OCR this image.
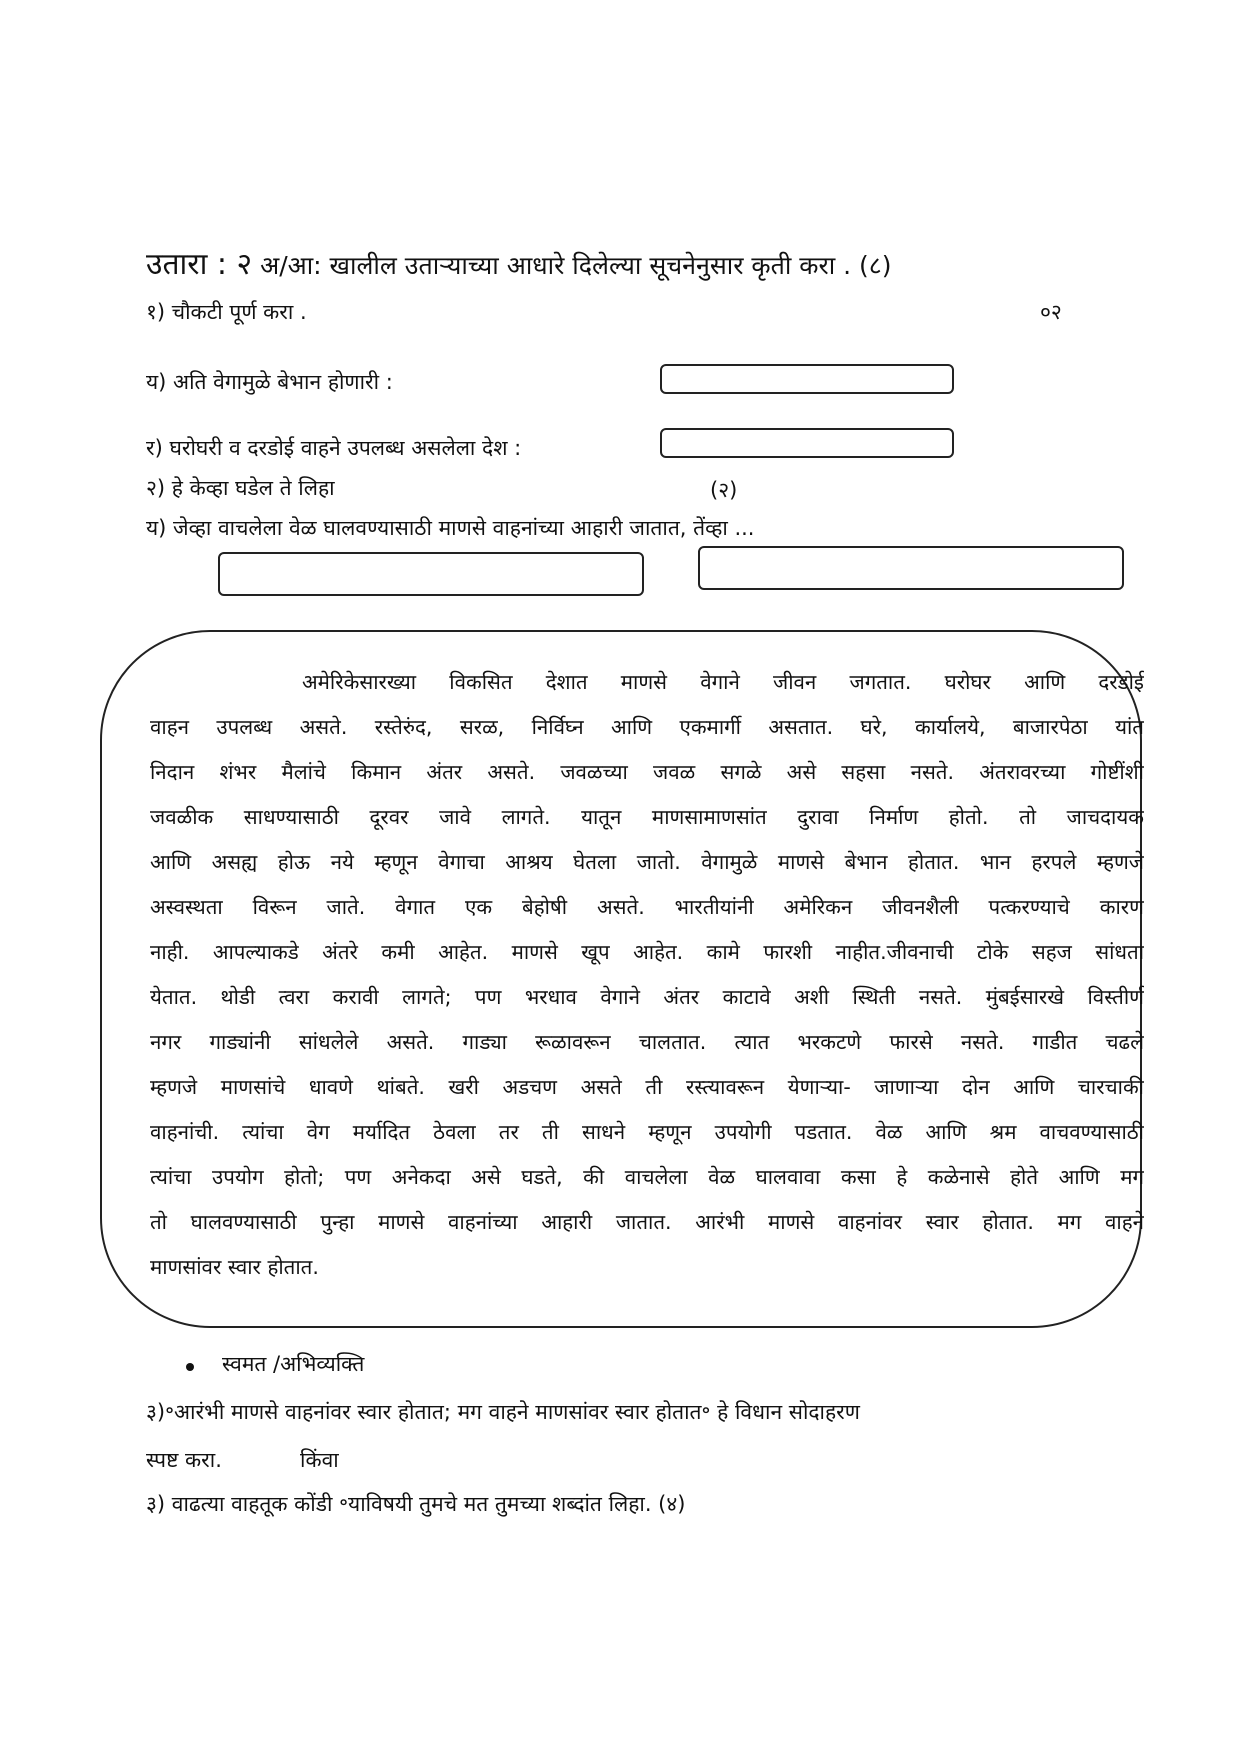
उतारा : २ अ/आ: खालील उताऱ्याच्या आधारे दिलेल्या सूचनेनुसार कृती करा . (८)
१) चौकटी पूर्ण करा .	०२
य) अति वेगामुळे बेभान होणारी :
र) घरोघरी व दरडोई वाहने उपलब्ध असलेला देश :
२) हे केव्हा घडेल ते लिहा	(२)
य) जेव्हा वाचलेला वेळ घालवण्यासाठी माणसे वाहनांच्या आहारी जातात, तेंव्हा ...
अमेरिकेसारख्या विकसित देशात माणसे वेगाने जीवन जगतात. घरोघर आणि दरडोई
वाहन उपलब्ध असते. रस्तेरुंद, सरळ, निर्विघ्न आणि एकमार्गी असतात. घरे, कार्यालये, बाजारपेठा यांत
निदान शंभर मैलांचे किमान अंतर असते. जवळच्या जवळ सगळे असे सहसा नसते. अंतरावरच्या गोष्टींशी
जवळीक साधण्यासाठी दूरवर जावे लागते. यातून माणसामाणसांत दुरावा निर्माण होतो. तो जाचदायक
आणि असह्य होऊ नये म्हणून वेगाचा आश्रय घेतला जातो. वेगामुळे माणसे बेभान होतात. भान हरपले म्हणजे
अस्वस्थता विरून जाते. वेगात एक बेहोषी असते. भारतीयांनी अमेरिकन जीवनशैली पत्करण्याचे कारण
नाही. आपल्याकडे अंतरे कमी आहेत. माणसे खूप आहेत. कामे फारशी नाहीत.जीवनाची टोके सहज सांधता
येतात. थोडी त्वरा करावी लागते; पण भरधाव वेगाने अंतर काटावे अशी स्थिती नसते. मुंबईसारखे विस्तीर्ण
नगर गाड्यांनी सांधलेले असते. गाड्या रूळावरून चालतात. त्यात भरकटणे फारसे नसते. गाडीत चढले
म्हणजे माणसांचे धावणे थांबते. खरी अडचण असते ती रस्त्यावरून येणाऱ्या- जाणाऱ्या दोन आणि चारचाकी
वाहनांची. त्यांचा वेग मर्यादित ठेवला तर ती साधने म्हणून उपयोगी पडतात. वेळ आणि श्रम वाचवण्यासाठी
त्यांचा उपयोग होतो; पण अनेकदा असे घडते, की वाचलेला वेळ घालवावा कसा हे कळेनासे होते आणि मग
तो घालवण्यासाठी पुन्हा माणसे वाहनांच्या आहारी जातात. आरंभी माणसे वाहनांवर स्वार होतात. मग वाहने
माणसांवर स्वार होतात.
स्वमत /अभिव्यक्ति
३)॰आरंभी माणसे वाहनांवर स्वार होतात; मग वाहने माणसांवर स्वार होतात॰ हे विधान सोदाहरण
स्पष्ट करा.	किंवा
३) वाढत्या वाहतूक कोंडी ॰याविषयी तुमचे मत तुमच्या शब्दांत लिहा. (४)
